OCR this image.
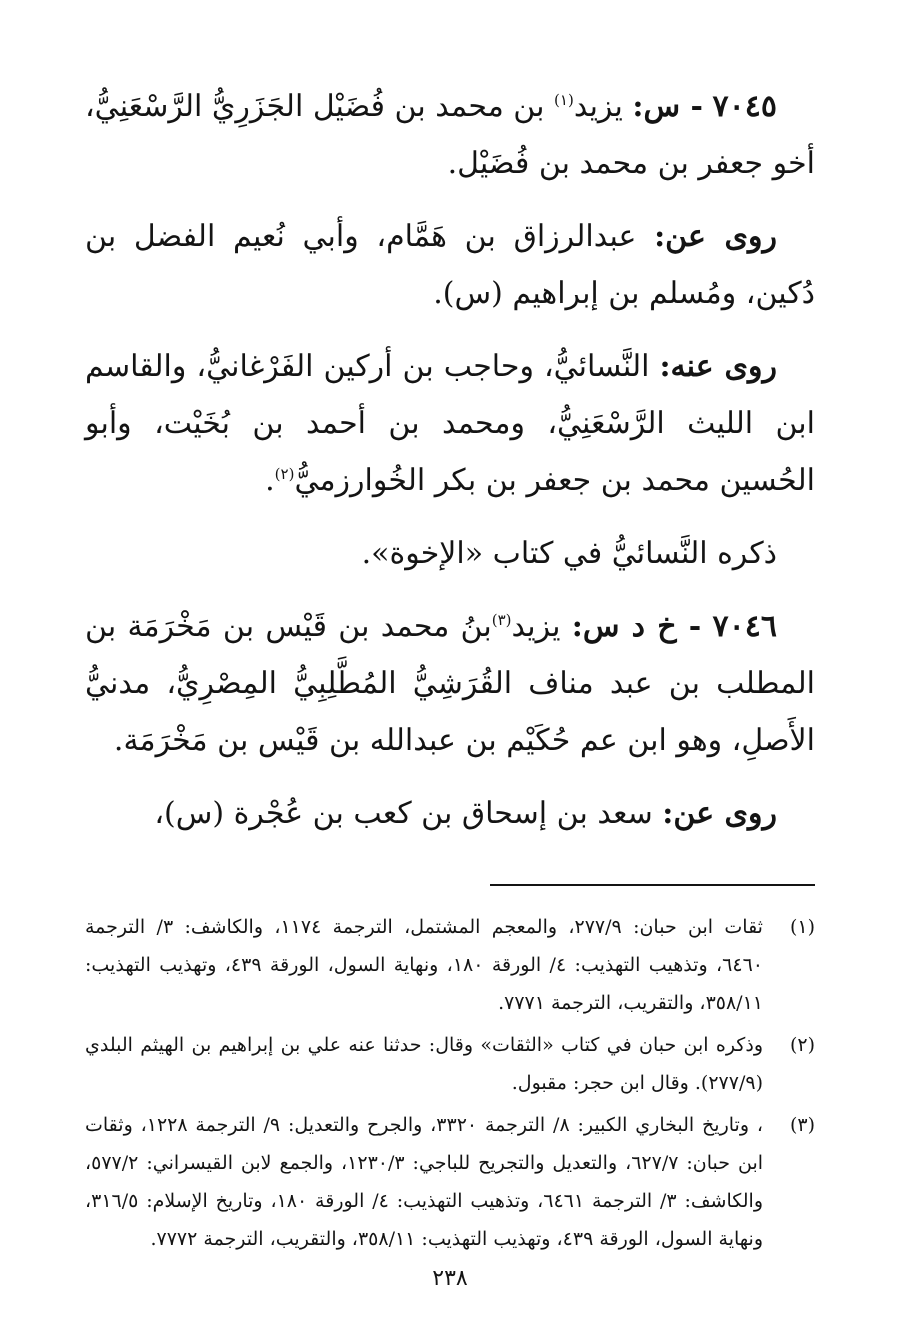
٧٠٤٥ - س: يزيد$^{(١)}$ بن محمد بن فُضَيْل الجَزَرِيُّ الرَّسْعَنِيُّ، أخو جعفر بن محمد بن فُضَيْل.

روى عن: عبدالرزاق بن هَمَّام، وأبي نُعيم الفضل بن دُكين، ومُسلم بن إبراهيم (س).

روى عنه: النَّسائيُّ، وحاجب بن أركين الفَرْغانيُّ، والقاسم ابن الليث الرَّسْعَنِيُّ، ومحمد بن أحمد بن بُخَيْت، وأبو الحُسين محمد بن جعفر بن بكر الخُوارزميُّ$^{(٢)}$.

ذكره النَّسائيُّ في كتاب «الإخوة».

٧٠٤٦ - خ د س: يزيد$^{(٣)}$بنُ محمد بن قَيْس بن مَخْرَمَة بن المطلب بن عبد مناف القُرَشِيُّ المُطَّلِبِيُّ المِصْرِيُّ، مدنيُّ الأَصلِ، وهو ابن عم حُكَيْم بن عبدالله بن قَيْس بن مَخْرَمَة.

روى عن: سعد بن إسحاق بن كعب بن عُجْرة (س)،

(١)
ثقات ابن حبان: ٢٧٧/٩، والمعجم المشتمل، الترجمة ١١٧٤، والكاشف: ٣/ الترجمة ٦٤٦٠، وتذهيب التهذيب: ٤/ الورقة ١٨٠، ونهاية السول، الورقة ٤٣٩، وتهذيب التهذيب: ٣٥٨/١١، والتقريب، الترجمة ٧٧٧١.
(٢)
وذكره ابن حبان في كتاب «الثقات» وقال: حدثنا عنه علي بن إبراهيم بن الهيثم البلدي (٢٧٧/٩). وقال ابن حجر: مقبول.
(٣)
، وتاريخ البخاري الكبير: ٨/ الترجمة ٣٣٢٠، والجرح والتعديل: ٩/ الترجمة ١٢٢٨، وثقات ابن حبان: ٦٢٧/٧، والتعديل والتجريح للباجي: ١٢٣٠/٣، والجمع لابن القيسراني: ٥٧٧/٢، والكاشف: ٣/ الترجمة ٦٤٦١، وتذهيب التهذيب: ٤/ الورقة ١٨٠، وتاريخ الإسلام: ٣١٦/٥، ونهاية السول، الورقة ٤٣٩، وتهذيب التهذيب: ٣٥٨/١١، والتقريب، الترجمة ٧٧٧٢.
٢٣٨
